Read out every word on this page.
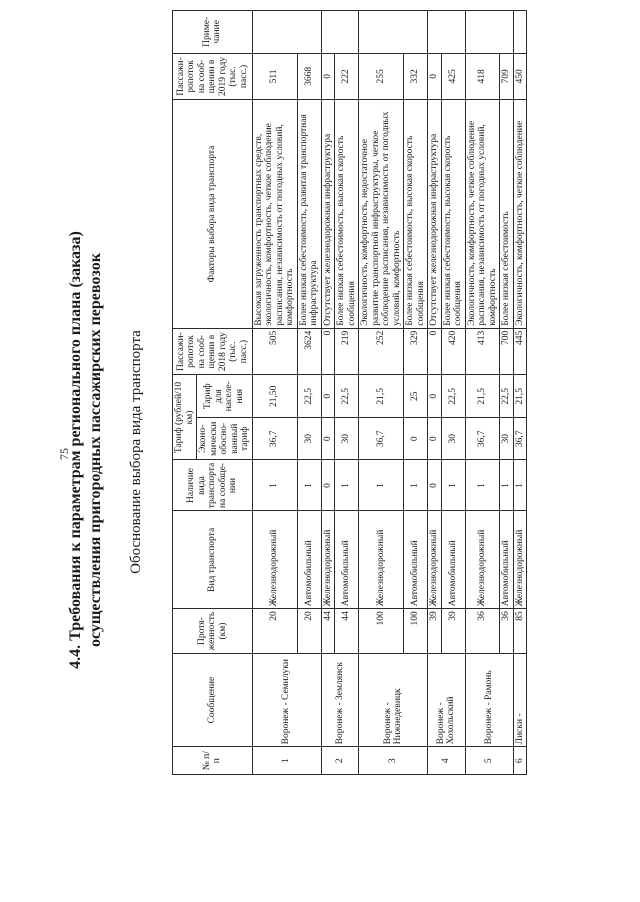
75
4.4. Требования к параметрам регионального плана (заказа) осуществления пригородных пассажирских перевозок Обоснование выбора вида транспорта
№ п/п	Сообщение	Протяженность (км)	Вид транспорта	Наличие вида транспорта на сообщении	Тариф (рублей/10 км)		Пассажиропоток на сообщении в 2018 году (тыс. пасс.)	Факторы выбора вида транспорта	Пассажиропоток на сообщении в 2019 году (тыс. пасс.)	Примечание
					Экономически обоснованный тариф	Тариф для населения				
1	Воронеж - Семилуки	20	Железнодорожный	1	36,7	21,50	505	Высокая загруженность транспортных средств, экологичность, комфортность, четкое соблюдение расписания, независимость от погодных условий, комфортность	511	
		20	Автомобильный	1	30	22,5	3624	Более низкая себестоимость, развитая транспортная инфраструктура	3668	
2	Воронеж - Землянск	44	Железнодорожный	0	0	0	0	Отсутствует железнодорожная инфраструктура	0	
		44	Автомобильный	1	30	22,5	219	Более низкая себестоимость, высокая скорость сообщения	222	
3	Воронеж - Нижнедевицк	100	Железнодорожный	1	36,7	21,5	252	Экологичность, комфортность, недостаточное развитие транспортной инфраструктуры, четкое соблюдение расписания, независимость от погодных условий, комфортность	255	
		100	Автомобильный	1	0	25	329	Более низкая себестоимость, высокая скорость сообщения	332	
4	Воронеж - Хохольский	39	Железнодорожный	0	0	0	0	Отсутствует железнодорожная инфраструктура	0	
		39	Автомобильный	1	30	22,5	420	Более низкая себестоимость, высокая скорость сообщения	425	
5	Воронеж - Рамонь	36	Железнодорожный	1	36,7	21,5	413	Экологичность, комфортность, четкое соблюдение расписания, независимость от погодных условий, комфортность	418	
		36	Автомобильный	1	30	22,5	700	Более низкая себестоимость	709	
6	Лиски -	85	Железнодорожный	1	36,7	21,5	445	Экологичность, комфортность, четкое соблюдение	450	
